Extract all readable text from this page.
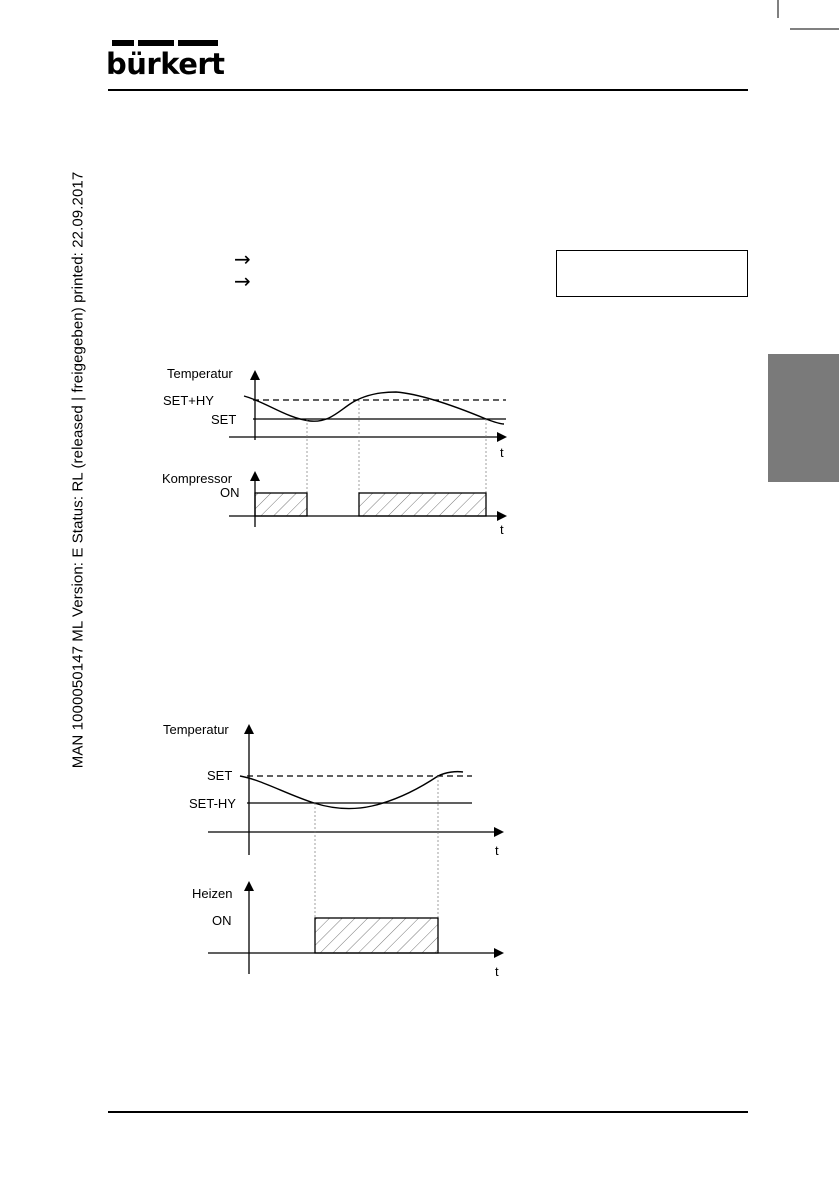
bürkert
MAN 1000050147 ML Version: E Status: RL (released | freigegeben) printed: 22.09.2017	→
→
Temperatur
SET+HY
SET
t
Kompressor
ON
t
Temperatur
SET
SET-HY
t
Heizen
ON
t
